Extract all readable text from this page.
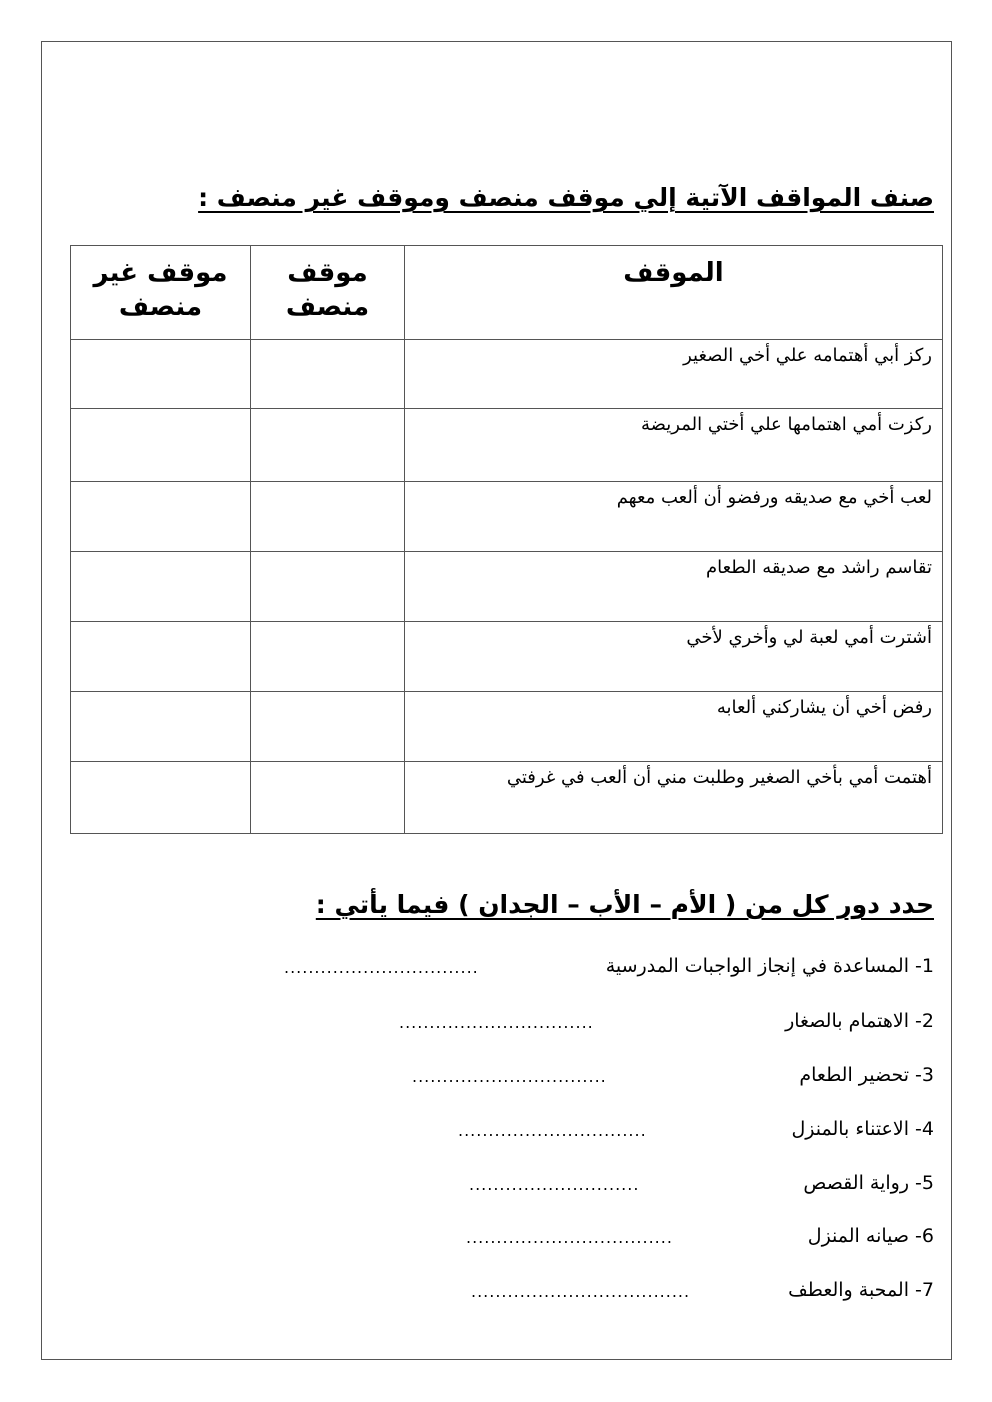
صنف المواقف الآتية إلي موقف منصف وموقف غير منصف :
الموقف	موقف منصف	موقف غير منصف

ركز أبي أهتمامه علي أخي الصغير		
ركزت أمي اهتمامها علي أختي المريضة		
لعب أخي مع صديقه ورفضو أن ألعب معهم		
تقاسم راشد مع صديقه الطعام		
أشترت أمي لعبة لي وأخري لأخي		
رفض أخي أن يشاركني ألعابه		
أهتمت أمي بأخي الصغير وطلبت مني أن ألعب في غرفتي		
حدد دور كل من ( الأم – الأب – الجدان ) فيما يأتي :
1- المساعدة في إنجاز الواجبات المدرسية
................................
2- الاهتمام بالصغار
................................
3- تحضير الطعام
................................
4- الاعتناء بالمنزل
...............................
5- رواية القصص
............................
6- صيانه المنزل
..................................
7- المحبة والعطف
....................................
